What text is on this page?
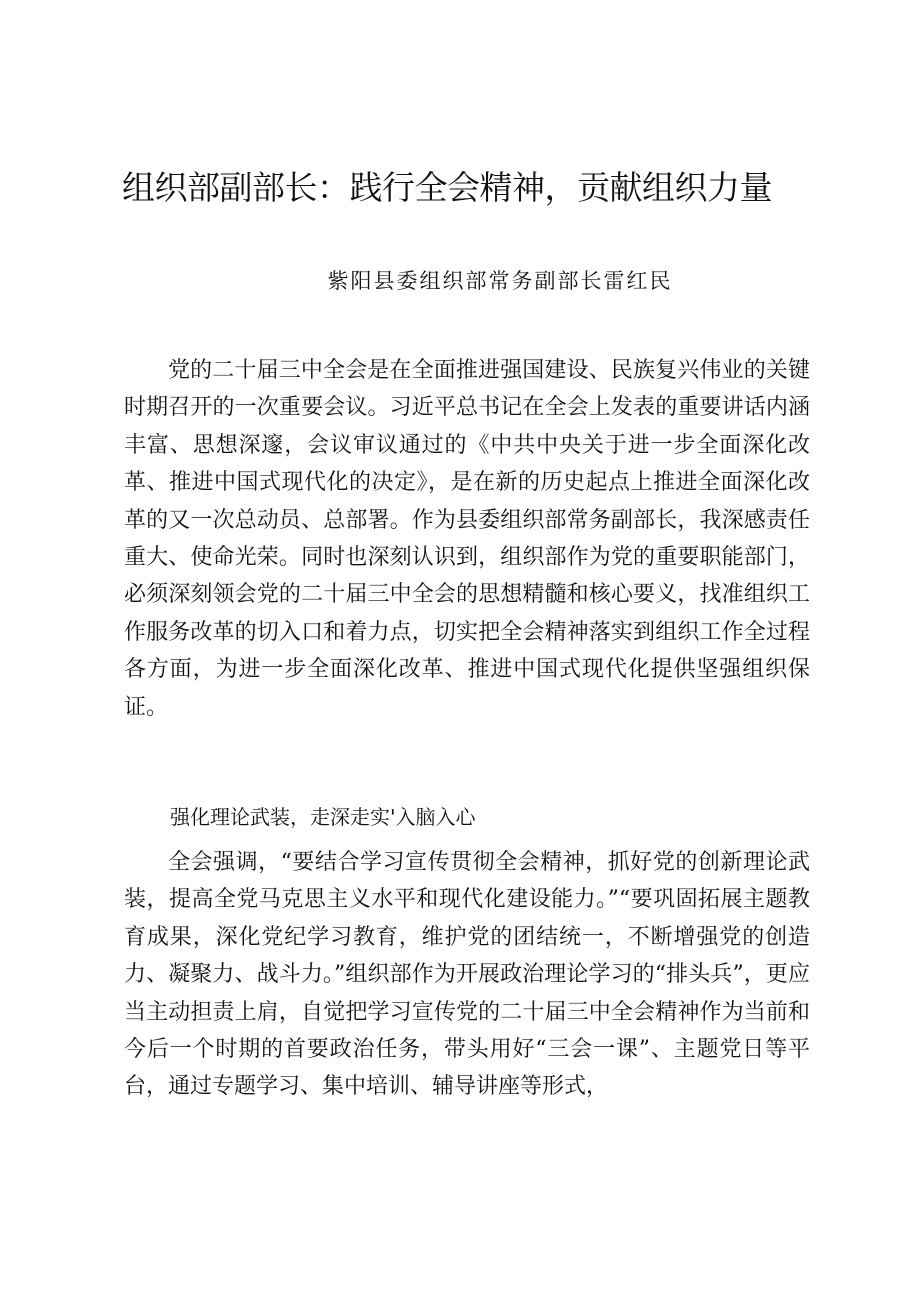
组织部副部长：践行全会精神，贡献组织力量
紫阳县委组织部常务副部长雷红民

党的二十届三中全会是在全面推进强国建设、民族复兴伟业的关键时期召开的一次重要会议。习近平总书记在全会上发表的重要讲话内涵丰富、思想深邃，会议审议通过的《中共中央关于进一步全面深化改革、推进中国式现代化的决定》，是在新的历史起点上推进全面深化改革的又一次总动员、总部署。作为县委组织部常务副部长，我深感责任重大、使命光荣。同时也深刻认识到，组织部作为党的重要职能部门，必须深刻领会党的二十届三中全会的思想精髓和核心要义，找准组织工作服务改革的切入口和着力点，切实把全会精神落实到组织工作全过程各方面，为进一步全面深化改革、推进中国式现代化提供坚强组织保证。

强化理论武装，走深走实'入脑入心

全会强调，“要结合学习宣传贯彻全会精神，抓好党的创新理论武装，提高全党马克思主义水平和现代化建设能力。”“要巩固拓展主题教育成果，深化党纪学习教育，维护党的团结统一，不断增强党的创造力、凝聚力、战斗力。”组织部作为开展政治理论学习的“排头兵”，更应当主动担责上肩，自觉把学习宣传党的二十届三中全会精神作为当前和今后一个时期的首要政治任务，带头用好“三会一课”、主题党日等平台，通过专题学习、集中培训、辅导讲座等形式，
